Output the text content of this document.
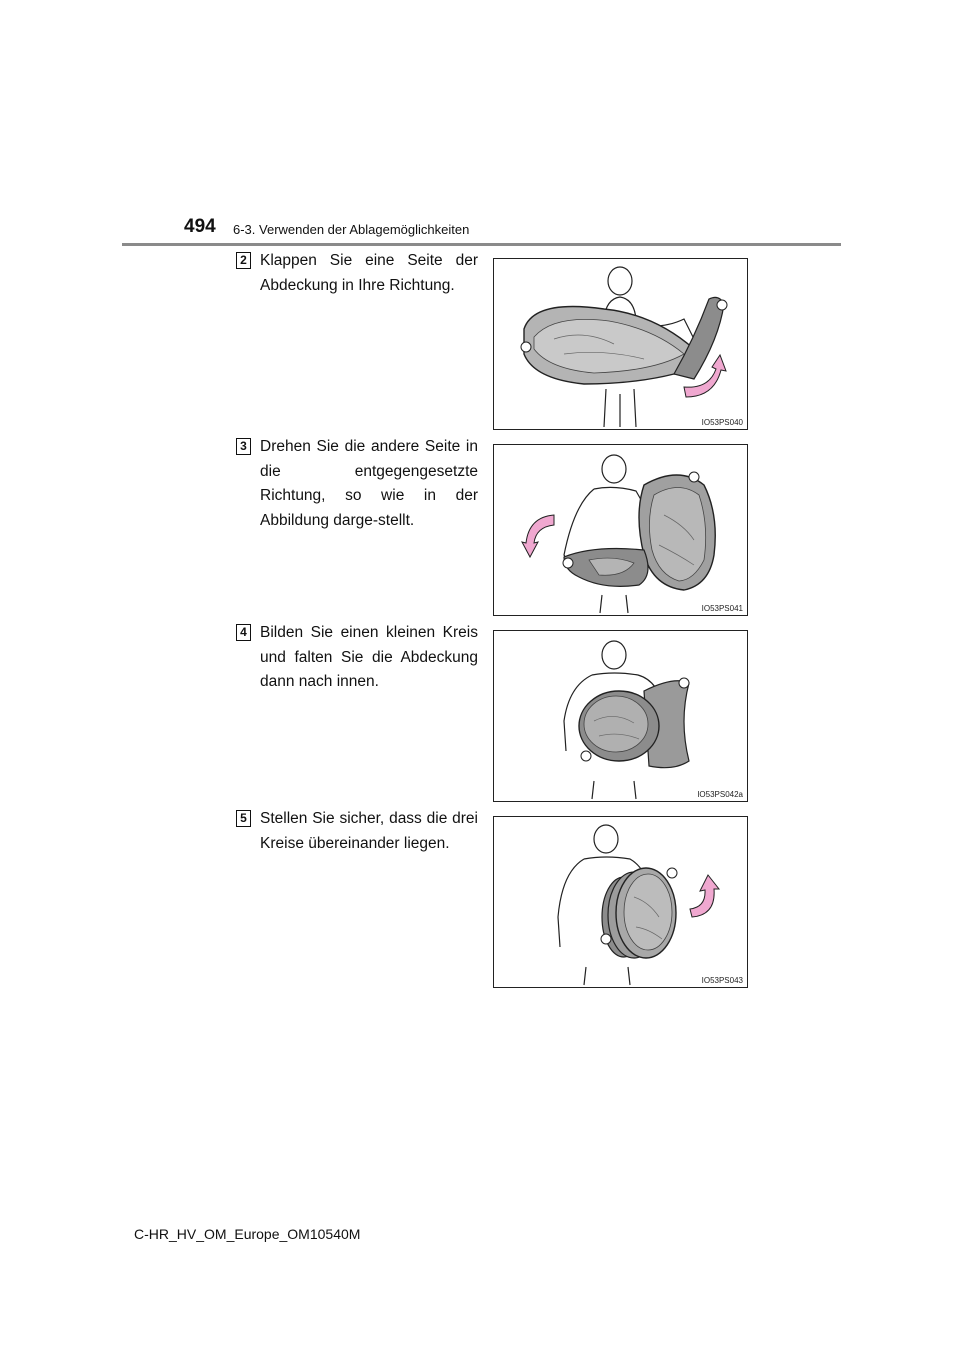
494 6-3. Verwenden der Ablagemöglichkeiten
2 Klappen Sie eine Seite der Abdeckung in Ihre Richtung.
IO53PS040
3 Drehen Sie die andere Seite in die entgegengesetzte Richtung, so wie in der Abbildung darge-stellt.
IO53PS041
4 Bilden Sie einen kleinen Kreis und falten Sie die Abdeckung dann nach innen.
IO53PS042a
5 Stellen Sie sicher, dass die drei Kreise übereinander liegen.
IO53PS043
C-HR_HV_OM_Europe_OM10540M
